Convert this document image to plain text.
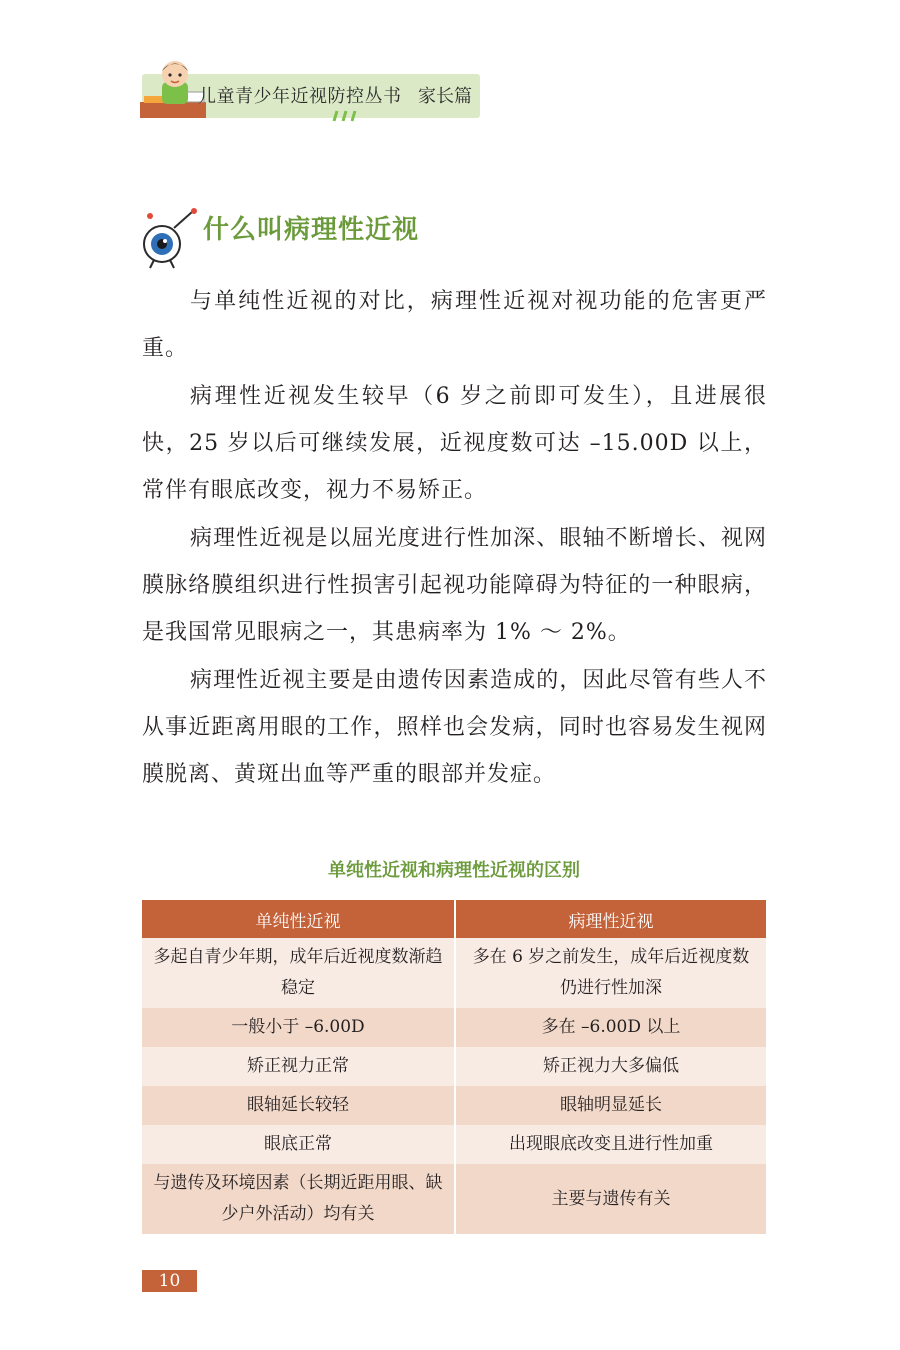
儿童青少年近视防控丛书 家长篇
什么叫病理性近视

与单纯性近视的对比，病理性近视对视功能的危害更严重。

病理性近视发生较早（6 岁之前即可发生），且进展很快，25 岁以后可继续发展，近视度数可达 –15.00D 以上，常伴有眼底改变，视力不易矫正。

病理性近视是以屈光度进行性加深、眼轴不断增长、视网膜脉络膜组织进行性损害引起视功能障碍为特征的一种眼病，是我国常见眼病之一，其患病率为 1% ～ 2%。

病理性近视主要是由遗传因素造成的，因此尽管有些人不从事近距离用眼的工作，照样也会发病，同时也容易发生视网膜脱离、黄斑出血等严重的眼部并发症。

单纯性近视和病理性近视的区别
单纯性近视	病理性近视
多起自青少年期，成年后近视度数渐趋稳定	多在 6 岁之前发生，成年后近视度数仍进行性加深
一般小于 –6.00D	多在 –6.00D 以上
矫正视力正常	矫正视力大多偏低
眼轴延长较轻	眼轴明显延长
眼底正常	出现眼底改变且进行性加重
与遗传及环境因素（长期近距用眼、缺少户外活动）均有关	主要与遗传有关
10
